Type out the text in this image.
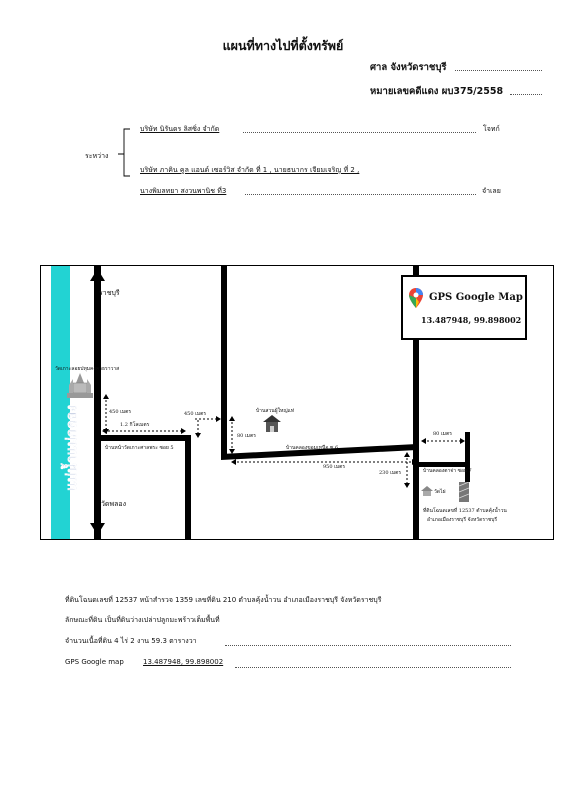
แผนที่ทางไปที่ตั้งทรัพย์
ศาล จังหวัดราชบุรี
หมายเลขคดีแดง ผบ375/2558
ระหว่าง
บริษัท นิรันดร ลิสซิ่ง จำกัด	โจทก์
บริษัท ภาคิน คูล แอนด์ เซอร์วิส จำกัด ที่ 1 , นายธนากร เจียมเจริญ ที่ 2 ,
นางพิมลทยา สงวนพานิช ที่3	จำเลย
แม่น้ำแม่กลอง
ราชบุรี
วัดพลอง
วัดเกาะลอยปทุมคงคาธราวาส
บ้านหน้าวัดเกาะศาลพระ ซอย 5
450 เมตร
1.2 กิโลเมตร
450 เมตร
80 เมตร
บ้านคลองขอมเหนือ ซ.6
บ้านสวนผู้ใหญ่แท่
950 เมตร
230 เมตร	บ้านคลองตาจ่า ซอย 7
80 เมตร
วัดไผ่
ที่ดินโฉนดเลขที่ 12537 ตำบลคุ้งน้ำวน
อำเภอเมืองราชบุรี จังหวัดราชบุรี
GPS Google Map
13.487948, 99.898002
ที่ดินโฉนดเลขที่ 12537 หน้าสำรวจ 1359 เลขที่ดิน 210 ตำบลคุ้งน้ำวน อำเภอเมืองราชบุรี จังหวัดราชบุรี
ลักษณะที่ดิน เป็นที่ดินว่างเปล่าปลูกมะพร้าวเต็มพื้นที่
จำนวนเนื้อที่ดิน 4 ไร่ 2 งาน 59.3 ตารางวา
GPS Google map	13.487948, 99.898002
